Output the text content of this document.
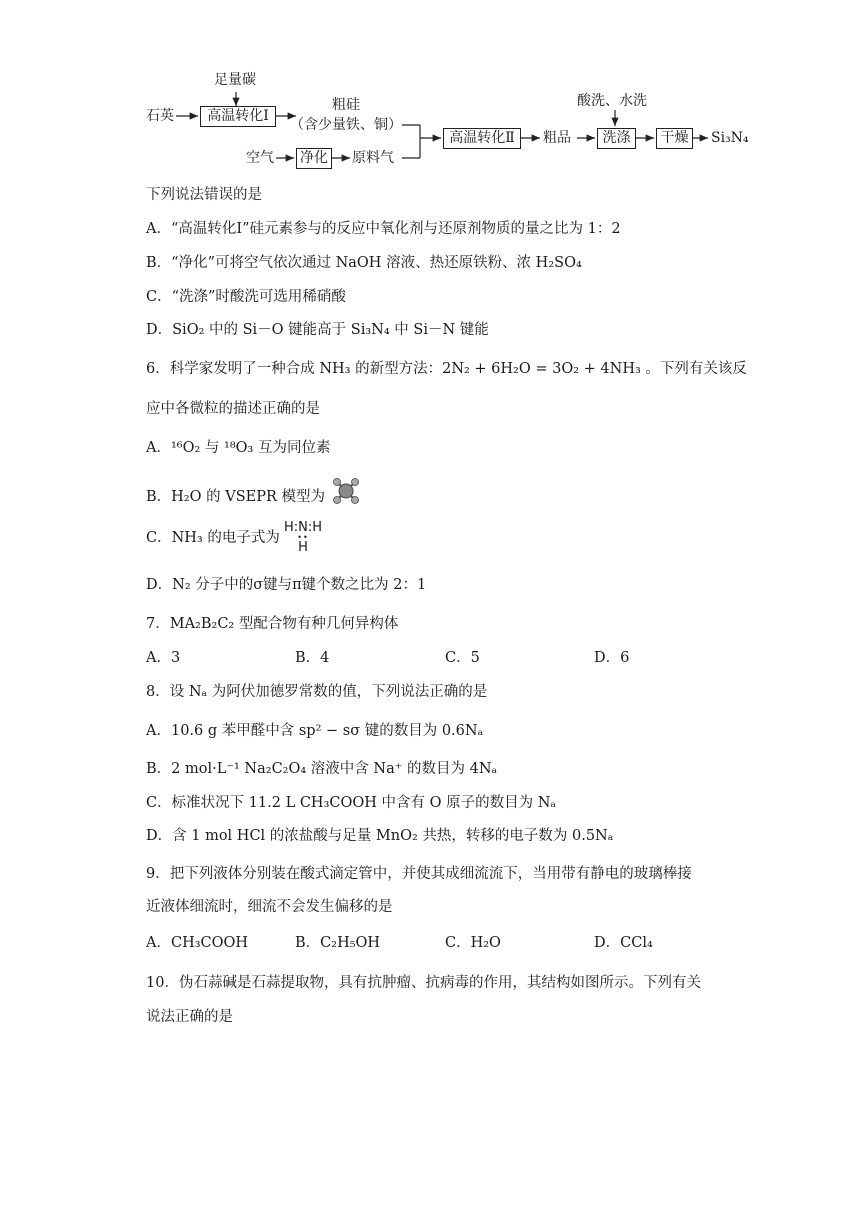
足量碳
石英	高温转化Ⅰ
粗硅
（含少量铁、铜）
空气 净化 原料气
高温转化Ⅱ	粗品
酸洗、水洗
洗涤	干燥	Si₃N₄
下列说法错误的是
A．“高温转化Ⅰ”硅元素参与的反应中氧化剂与还原剂物质的量之比为 1：2
B．“净化”可将空气依次通过 NaOH 溶液、热还原铁粉、浓 H₂SO₄
C．“洗涤”时酸洗可选用稀硝酸
D．SiO₂ 中的 Si－O 键能高于 Si₃N₄ 中 Si－N 键能
6．科学家发明了一种合成 NH₃ 的新型方法：2N₂ + 6H₂O = 3O₂ + 4NH₃ 。下列有关该反
应中各微粒的描述正确的是
A．¹⁶O₂ 与 ¹⁸O₃ 互为同位素
B．H₂O 的 VSEPR 模型为
C．NH₃ 的电子式为
H:N:H
••
H
D．N₂ 分子中的σ键与π键个数之比为 2：1
7．MA₂B₂C₂ 型配合物有种几何异构体
A．3	B．4	C．5	D．6
8．设 Nₐ 为阿伏加德罗常数的值，下列说法正确的是
A．10.6 g 苯甲醛中含 sp² − sσ 键的数目为 0.6Nₐ
B．2 mol·L⁻¹ Na₂C₂O₄ 溶液中含 Na⁺ 的数目为 4Nₐ
C．标准状况下 11.2 L CH₃COOH 中含有 O 原子的数目为 Nₐ
D．含 1 mol HCl 的浓盐酸与足量 MnO₂ 共热，转移的电子数为 0.5Nₐ
9．把下列液体分别装在酸式滴定管中，并使其成细流流下，当用带有静电的玻璃棒接
近液体细流时，细流不会发生偏移的是
A．CH₃COOH	B．C₂H₅OH	C．H₂O	D．CCl₄
10．伪石蒜碱是石蒜提取物，具有抗肿瘤、抗病毒的作用，其结构如图所示。下列有关
说法正确的是
